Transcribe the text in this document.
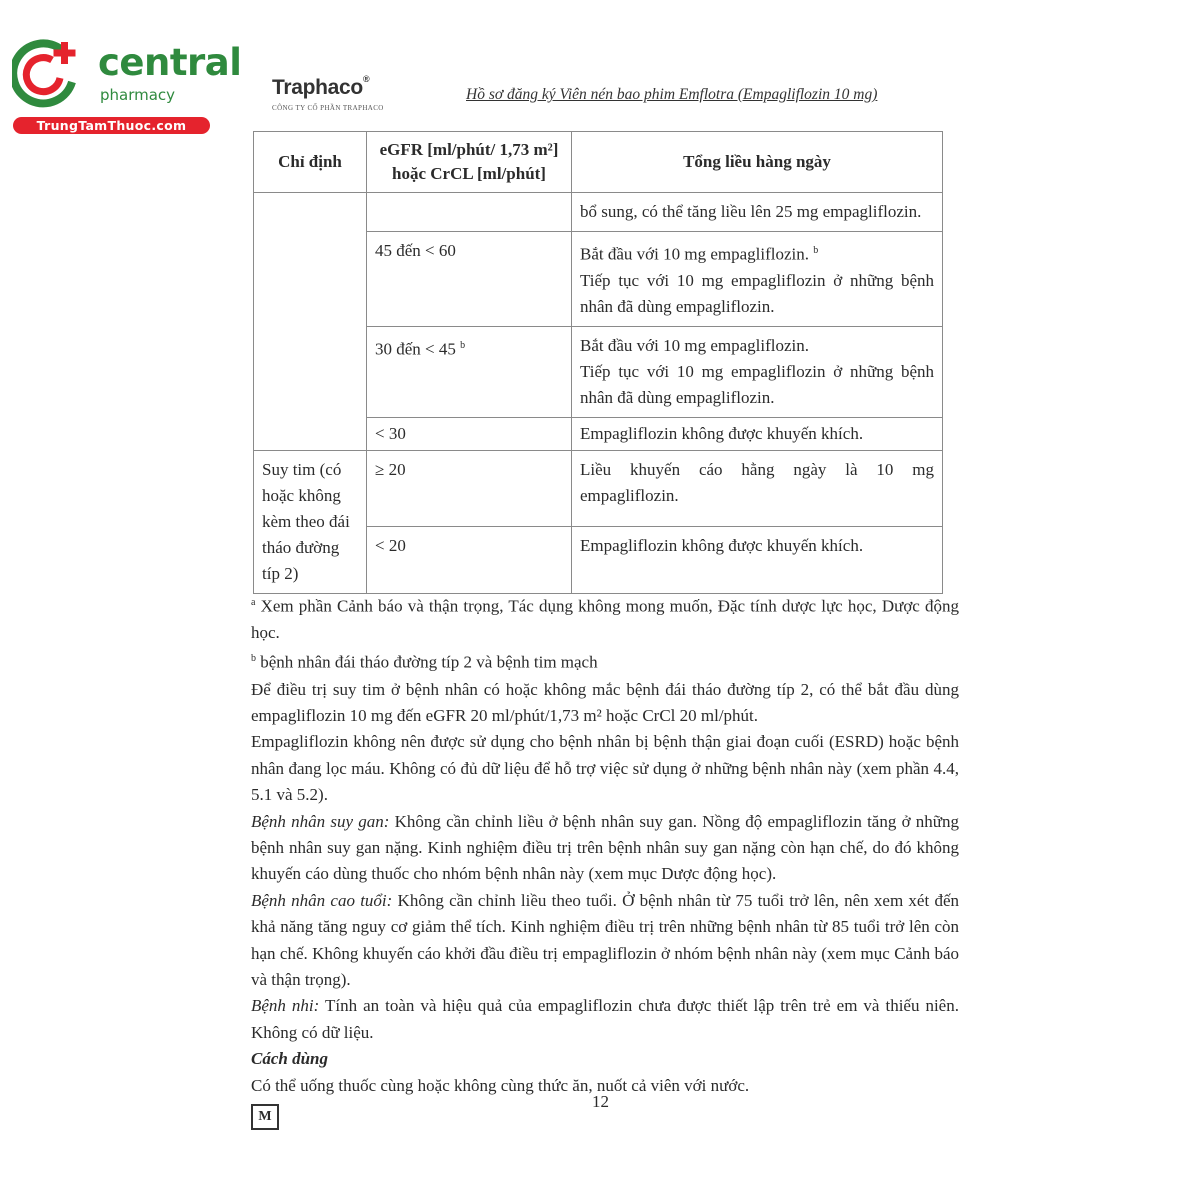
central
pharmacy
TrungTamThuoc.com
Traphaco®
CÔNG TY CỔ PHẦN TRAPHACO
Hồ sơ đăng ký Viên nén bao phim Emflotra (Empagliflozin 10 mg)
Chỉ định	eGFR [ml/phút/ 1,73 m²] hoặc CrCL [ml/phút]	Tổng liều hàng ngày
		bổ sung, có thể tăng liều lên 25 mg empagliflozin.
	45 đến < 60	Bắt đầu với 10 mg empagliflozin. $^b$
Tiếp tục với 10 mg empagliflozin ở những bệnh nhân đã dùng empagliflozin.

	30 đến < 45 $^b$	Bắt đầu với 10 mg empagliflozin.
Tiếp tục với 10 mg empagliflozin ở những bệnh nhân đã dùng empagliflozin.

	< 30	Empagliflozin không được khuyến khích.
Suy tim (có hoặc không kèm theo đái tháo đường típ 2)	≥ 20	Liều khuyến cáo hằng ngày là 10 mg empagliflozin.
	< 20	Empagliflozin không được khuyến khích.

$^a$ Xem phần Cảnh báo và thận trọng, Tác dụng không mong muốn, Đặc tính dược lực học, Dược động học.

$^b$ bệnh nhân đái tháo đường típ 2 và bệnh tim mạch

Để điều trị suy tim ở bệnh nhân có hoặc không mắc bệnh đái tháo đường típ 2, có thể bắt đầu dùng empagliflozin 10 mg đến eGFR 20 ml/phút/1,73 m² hoặc CrCl 20 ml/phút.

Empagliflozin không nên được sử dụng cho bệnh nhân bị bệnh thận giai đoạn cuối (ESRD) hoặc bệnh nhân đang lọc máu. Không có đủ dữ liệu để hỗ trợ việc sử dụng ở những bệnh nhân này (xem phần 4.4, 5.1 và 5.2).

Bệnh nhân suy gan: Không cần chỉnh liều ở bệnh nhân suy gan. Nồng độ empagliflozin tăng ở những bệnh nhân suy gan nặng. Kinh nghiệm điều trị trên bệnh nhân suy gan nặng còn hạn chế, do đó không khuyến cáo dùng thuốc cho nhóm bệnh nhân này (xem mục Dược động học).

Bệnh nhân cao tuổi: Không cần chỉnh liều theo tuổi. Ở bệnh nhân từ 75 tuổi trở lên, nên xem xét đến khả năng tăng nguy cơ giảm thể tích. Kinh nghiệm điều trị trên những bệnh nhân từ 85 tuổi trở lên còn hạn chế. Không khuyến cáo khởi đầu điều trị empagliflozin ở nhóm bệnh nhân này (xem mục Cảnh báo và thận trọng).

Bệnh nhi: Tính an toàn và hiệu quả của empagliflozin chưa được thiết lập trên trẻ em và thiếu niên. Không có dữ liệu.

Cách dùng

Có thể uống thuốc cùng hoặc không cùng thức ăn, nuốt cả viên với nước.

12
M
